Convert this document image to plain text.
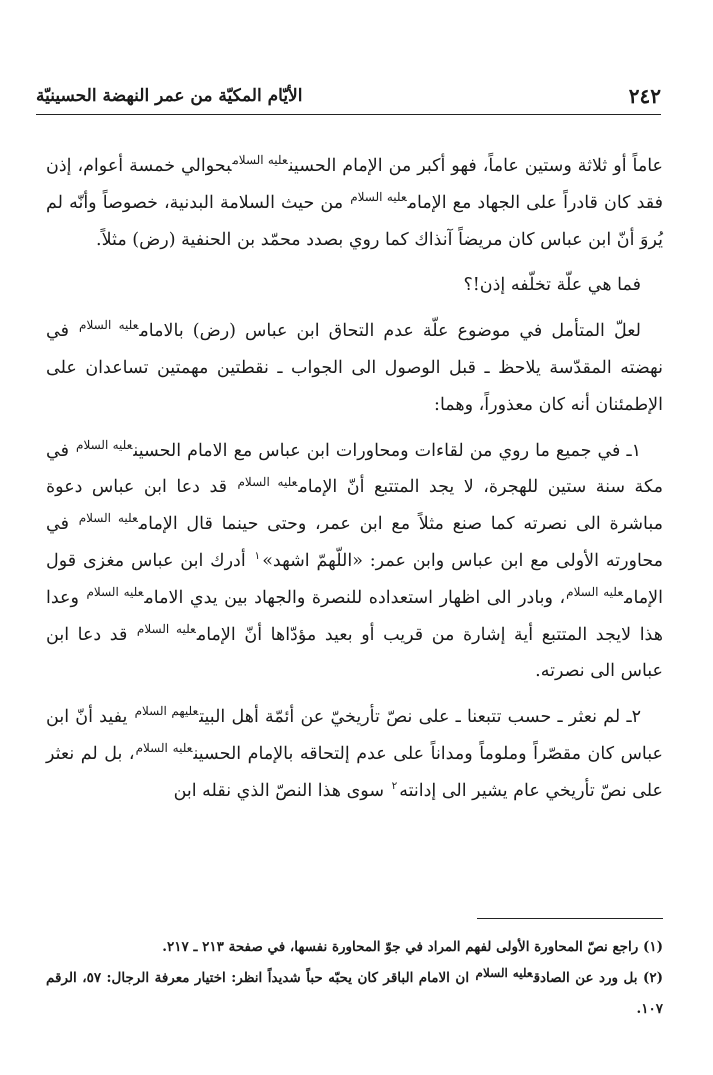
الأيّام المكيّة من عمر النهضة الحسينيّة	٢٤٢

عاماً أو ثلاثة وستين عاماً، فهو أكبر من الإمام الحسين$^{عليه السلام}$بحوالي خمسة أعوام، إذن فقد كان قادراً على الجهاد مع الإمام$^{عليه السلام}$ من حيث السلامة البدنية، خصوصاً وأنّه لم يُروَ أنّ ابن عباس كان مريضاً آنذاك كما روي بصدد محمّد بن الحنفية (رض) مثلاً.

فما هي علّة تخلّفه إذن!؟

لعلّ المتأمل في موضوع علّة عدم التحاق ابن عباس (رض) بالامام$^{عليه السلام}$ في نهضته المقدّسة يلاحظ ـ قبل الوصول الى الجواب ـ نقطتين مهمتين تساعدان على الإطمئنان أنه كان معذوراً، وهما:

١ـ في جميع ما روي من لقاءات ومحاورات ابن عباس مع الامام الحسين$^{عليه السلام}$ في مكة سنة ستين للهجرة، لا يجد المتتبع أنّ الإمام$^{عليه السلام}$ قد دعا ابن عباس دعوة مباشرة الى نصرته كما صنع مثلاً مع ابن عمر، وحتى حينما قال الإمام$^{عليه السلام}$ في محاورته الأولى مع ابن عباس وابن عمر: «اللّهمّ اشهد»$^١$ أدرك ابن عباس مغزى قول الإمام$^{عليه السلام}$، وبادر الى اظهار استعداده للنصرة والجهاد بين يدي الامام$^{عليه السلام}$ وعدا هذا لايجد المتتبع أية إشارة من قريب أو بعيد مؤدّاها أنّ الإمام$^{عليه السلام}$ قد دعا ابن عباس الى نصرته.

٢ـ لم نعثر ـ حسب تتبعنا ـ على نصّ تأريخيّ عن أئمّة أهل البيت$^{عليهم السلام}$ يفيد أنّ ابن عباس كان مقصّراً وملوماً ومداناً على عدم إلتحاقه بالإمام الحسين$^{عليه السلام}$، بل لم نعثر على نصّ تأريخي عام يشير الى إدانته$^٢$ سوى هذا النصّ الذي نقله ابن

(١) راجع نصّ المحاورة الأولى لفهم المراد في جوّ المحاورة نفسها، في صفحة ٢١٣ ـ ٢١٧.

(٢) بل ورد عن الصادقعليه السلام ان الامام الباقر كان يحبّه حباً شديداً انظر: اختيار معرفة الرجال: ٥٧، الرقم ١٠٧.
